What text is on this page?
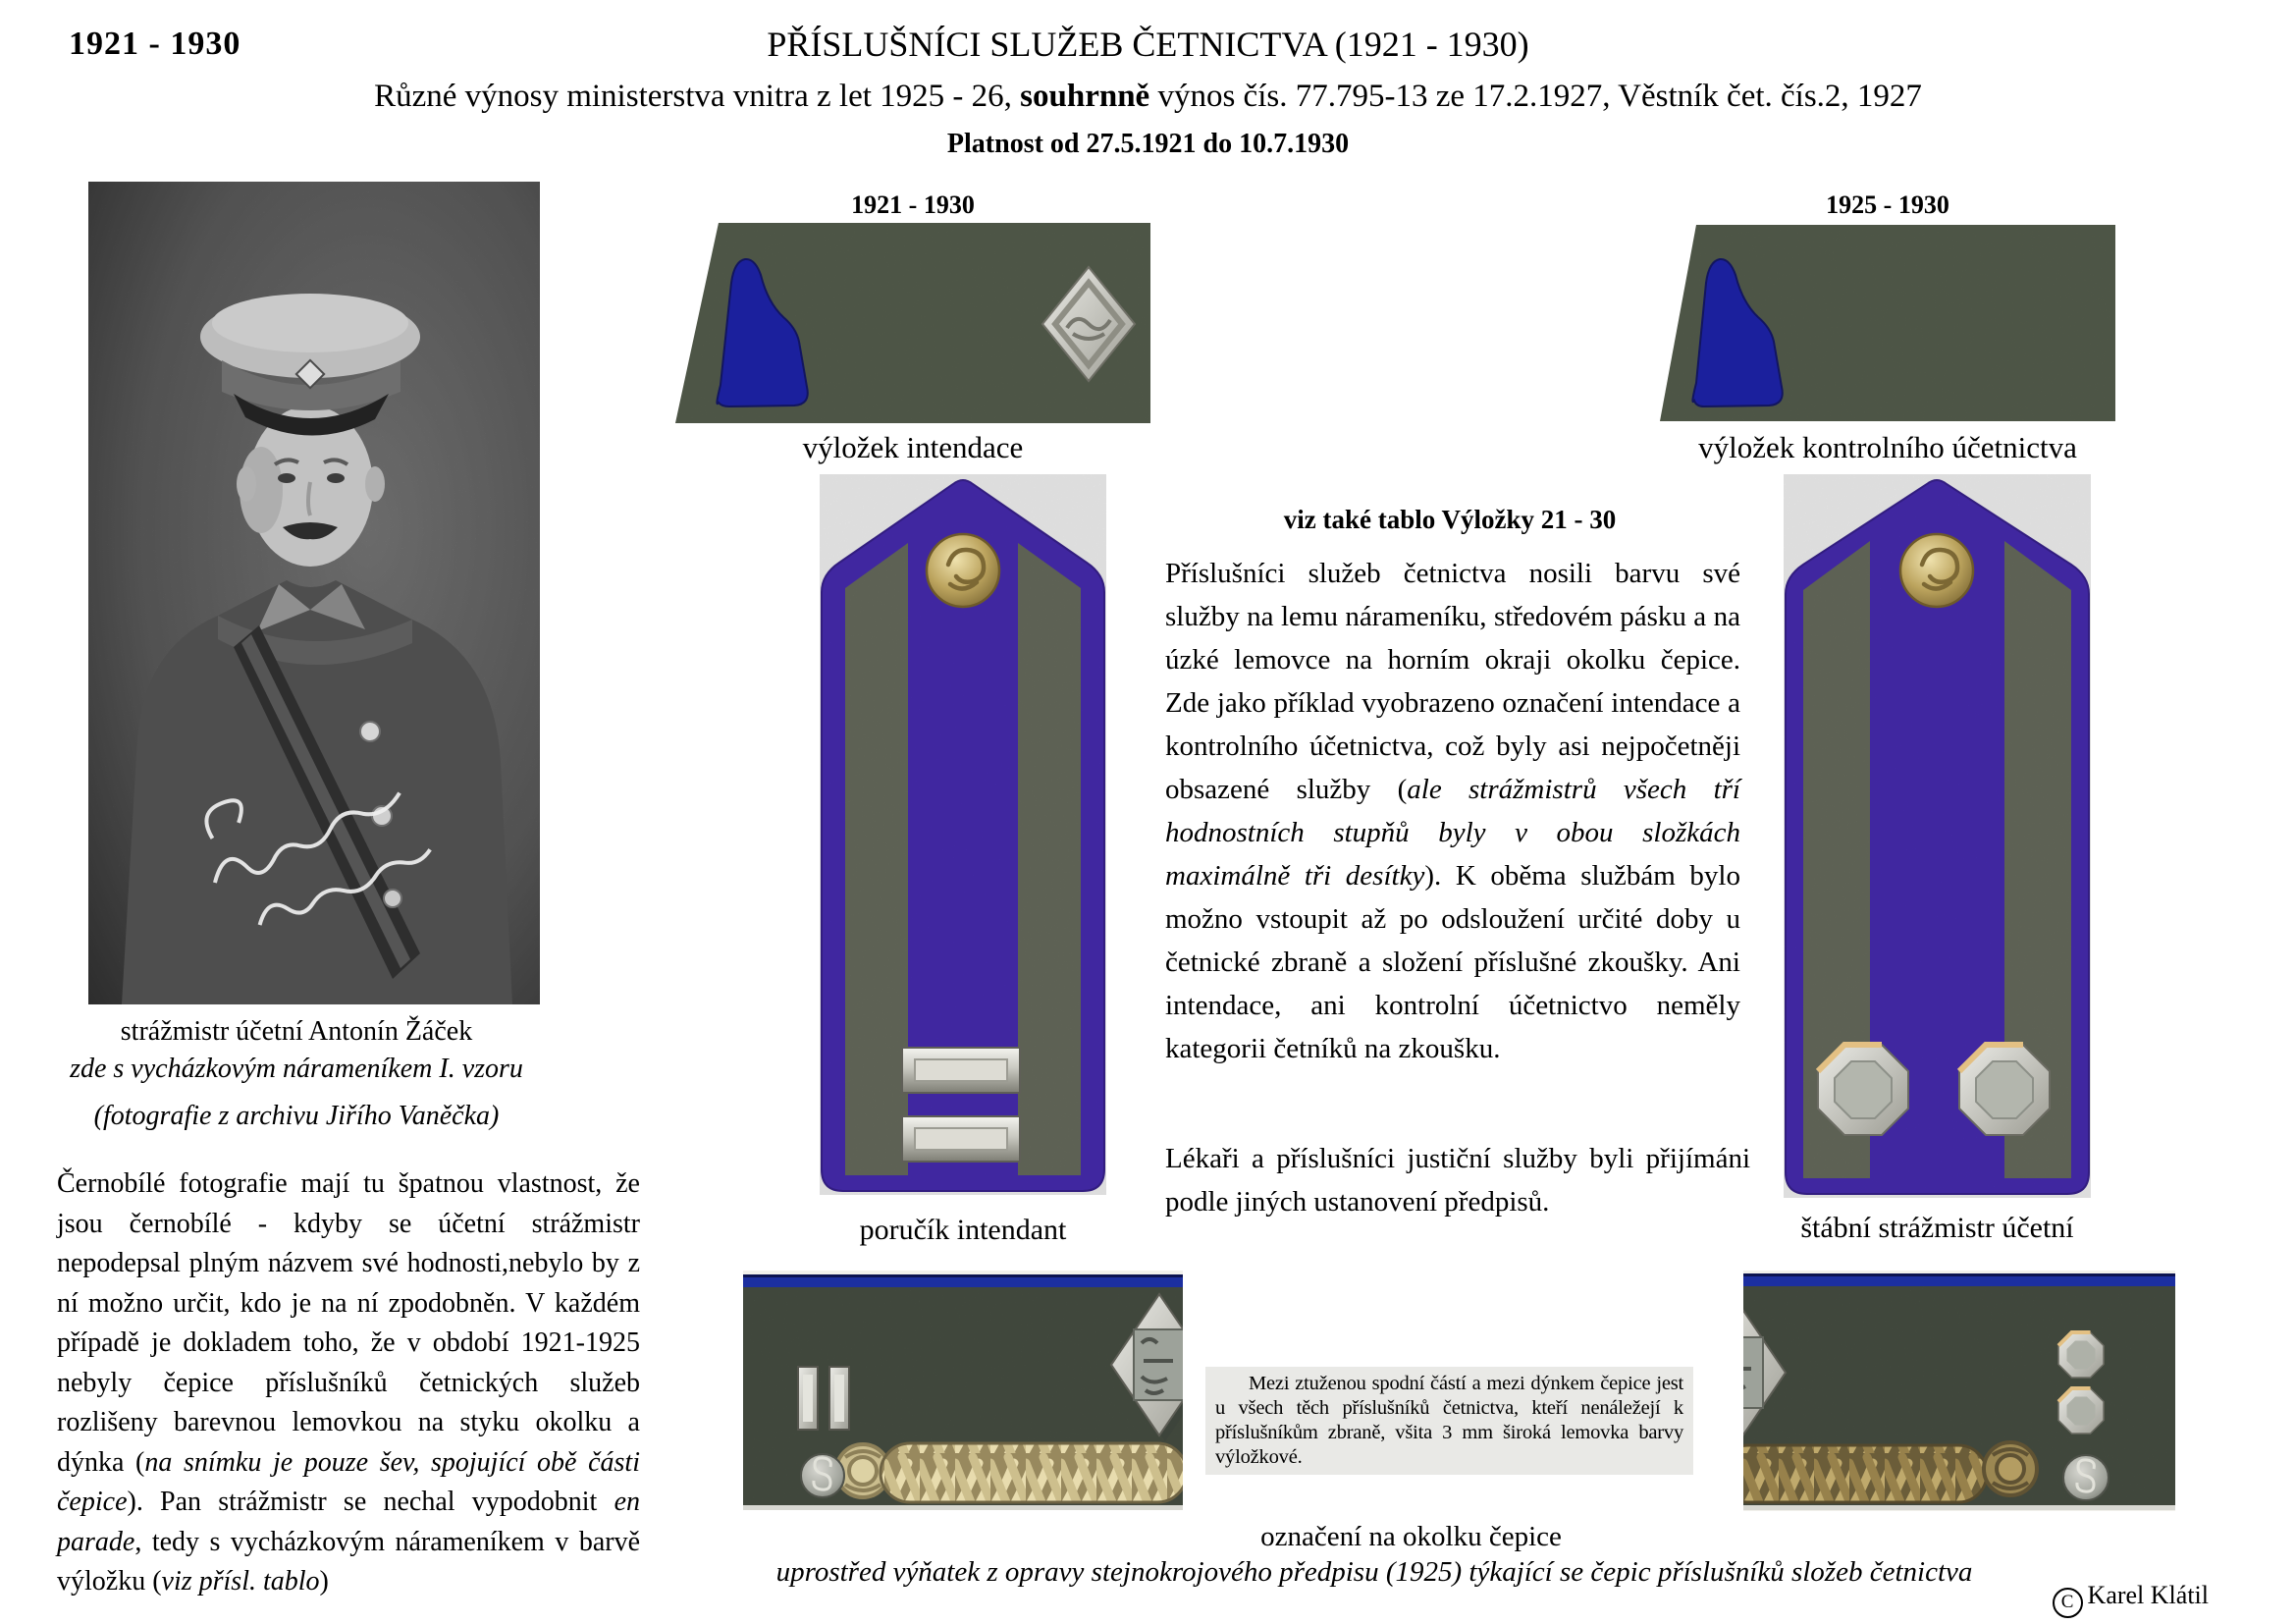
1921 - 1930	PŘÍSLUŠNÍCI SLUŽEB ČETNICTVA (1921 - 1930)
Různé výnosy ministerstva vnitra z let 1925 - 26, souhrnně výnos čís. 77.795-13 ze 17.2.1927, Věstník čet. čís.2, 1927
Platnost od 27.5.1921 do 10.7.1930
strážmistr účetní Antonín Žáček
zde s vycházkovým nárameníkem I. vzoru
(fotografie z archivu Jiřího Vaněčka)
Černobílé fotografie mají tu špatnou vlastnost, že jsou černobílé - kdyby se účetní strážmistr nepodepsal plným názvem své hodnosti,nebylo by z ní možno určit, kdo je na ní zpodobněn. V každém případě je dokladem toho, že v období 1921-1925 nebyly čepice příslušníků četnických služeb rozlišeny barevnou lemovkou na styku okolku a dýnka (na snímku je pouze šev, spojující obě části čepice). Pan strážmistr se nechal vypodobnit en parade, tedy s vycházkovým nárameníkem v barvě výložku (viz přísl. tablo)
1921 - 1930
výložek intendace
1925 - 1930
výložek kontrolního účetnictva
viz také tablo Výložky 21 - 30
Příslušníci služeb četnictva nosili barvu své služby na lemu nárameníku, středovém pásku a na úzké lemovce na horním okraji okolku čepice. Zde jako příklad vyobrazeno označení intendace a kontrolního účetnictva, což byly asi nejpočetněji obsazené služby (ale strážmistrů všech tří hodnostních stupňů byly v obou složkách maximálně tři desítky). K oběma službám bylo možno vstoupit až po odsloužení určité doby u četnické zbraně a složení příslušné zkoušky. Ani intendace, ani kontrolní účetnictvo neměly kategorii četníků na zkoušku.
Lékaři a příslušníci justiční služby byli přijímáni podle jiných ustanovení předpisů.
poručík intendant	štábní strážmistr účetní

Mezi ztuženou spodní částí a mezi dýnkem čepice jest u všech těch příslušníků četnictva, kteří nenáležejí k příslušníkům zbraně, všita 3 mm široká lemovka barvy výložkové.

označení na okolku čepice
uprostřed výňatek z opravy stejnokrojového předpisu (1925) týkající se čepic příslušníků složeb četnictva
C Karel Klátil
